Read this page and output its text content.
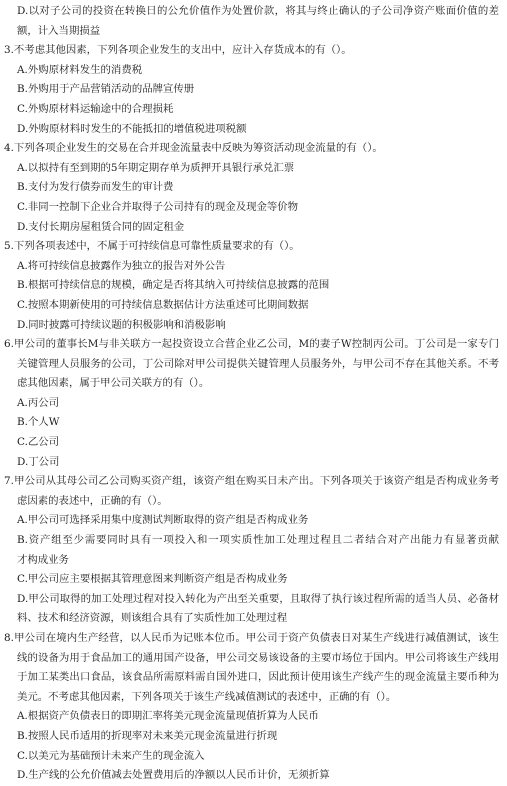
D.以对子公司的投资在转换日的公允价值作为处置价款，将其与终止确认的子公司净资产账面价值的差
额，计入当期损益
3.不考虑其他因素，下列各项企业发生的支出中，应计入存货成本的有（）。
A.外购原材料发生的消费税
B.外购用于产品营销活动的品牌宣传册
C.外购原材料运输途中的合理损耗
D.外购原材料时发生的不能抵扣的增值税进项税额
4.下列各项企业发生的交易在合并现金流量表中反映为筹资活动现金流量的有（）。
A.以拟持有至到期的5年期定期存单为质押开具银行承兑汇票
B.支付为发行债券而发生的审计费
C.非同一控制下企业合并取得子公司持有的现金及现金等价物
D.支付长期房屋租赁合同的固定租金
5.下列各项表述中，不属于可持续信息可靠性质量要求的有（）。
A.将可持续信息披露作为独立的报告对外公告
B.根据可持续信息的规模，确定是否将其纳入可持续信息披露的范围
C.按照本期新使用的可持续信息数据估计方法重述可比期间数据
D.同时披露可持续议题的积极影响和消极影响
6.甲公司的董事长M与非关联方一起投资设立合营企业乙公司，M的妻子W控制丙公司。丁公司是一家专门
关键管理人员服务的公司，丁公司除对甲公司提供关键管理人员服务外，与甲公司不存在其他关系。不考
虑其他因素，属于甲公司关联方的有（）。
A.丙公司
B.个人W
C.乙公司
D.丁公司
7.甲公司从其母公司乙公司购买资产组，该资产组在购买日未产出。下列各项关于该资产组是否构成业务考
虑因素的表述中，正确的有（）。
A.甲公司可选择采用集中度测试判断取得的资产组是否构成业务
B.资产组至少需要同时具有一项投入和一项实质性加工处理过程且二者结合对产出能力有显著贡献
才构成业务
C.甲公司应主要根据其管理意图来判断资产组是否构成业务
D.甲公司取得的加工处理过程对投入转化为产出至关重要，且取得了执行该过程所需的适当人员、必备材
料、技术和经济资源，则该组合具有了实质性加工处理过程
8.甲公司在境内生产经营，以人民币为记账本位币。甲公司于资产负债表日对某生产线进行减值测试，该生
线的设备为用于食品加工的通用国产设备，甲公司交易该设备的主要市场位于国内。甲公司将该生产线用
于加工某类出口食品，该食品所需原料需自国外进口，因此预计使用该生产线产生的现金流量主要币种为
美元。不考虑其他因素，下列各项关于该生产线减值测试的表述中，正确的有（）。
A.根据资产负债表日的即期汇率将美元现金流量现值折算为人民币
B.按照人民币适用的折现率对未来美元现金流量进行折现
C.以美元为基础预计未来产生的现金流入
D.生产线的公允价值减去处置费用后的净额以人民币计价，无须折算
